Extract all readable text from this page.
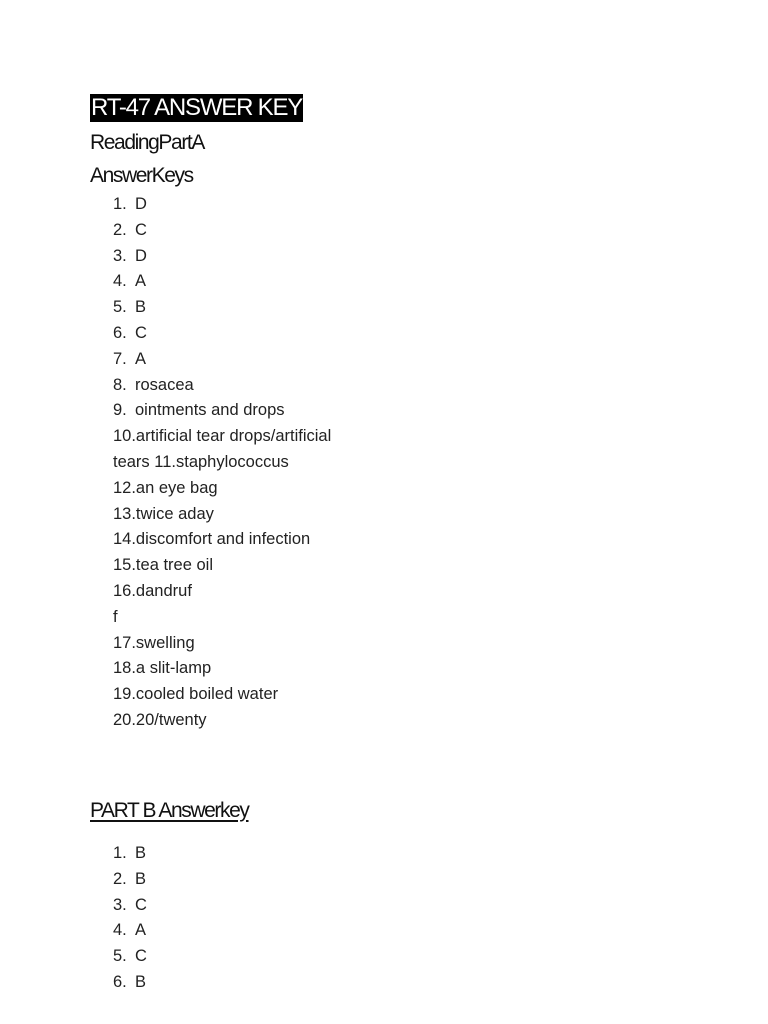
RT-47 ANSWER KEY
ReadingPartA
AnswerKeys
1. D
2. C
3. D
4. A
5. B
6. C
7. A
8. rosacea
9. ointments and drops
10.artificial tear drops/artificial
tears 11.staphylococcus
12.an eye bag
13.twice aday
14.discomfort and infection
15.tea tree oil
16.dandruf
f
17.swelling
18.a slit-lamp
19.cooled boiled water
20.20/twenty
PART B Answerkey
1. B
2. B
3. C
4. A
5. C
6. B
